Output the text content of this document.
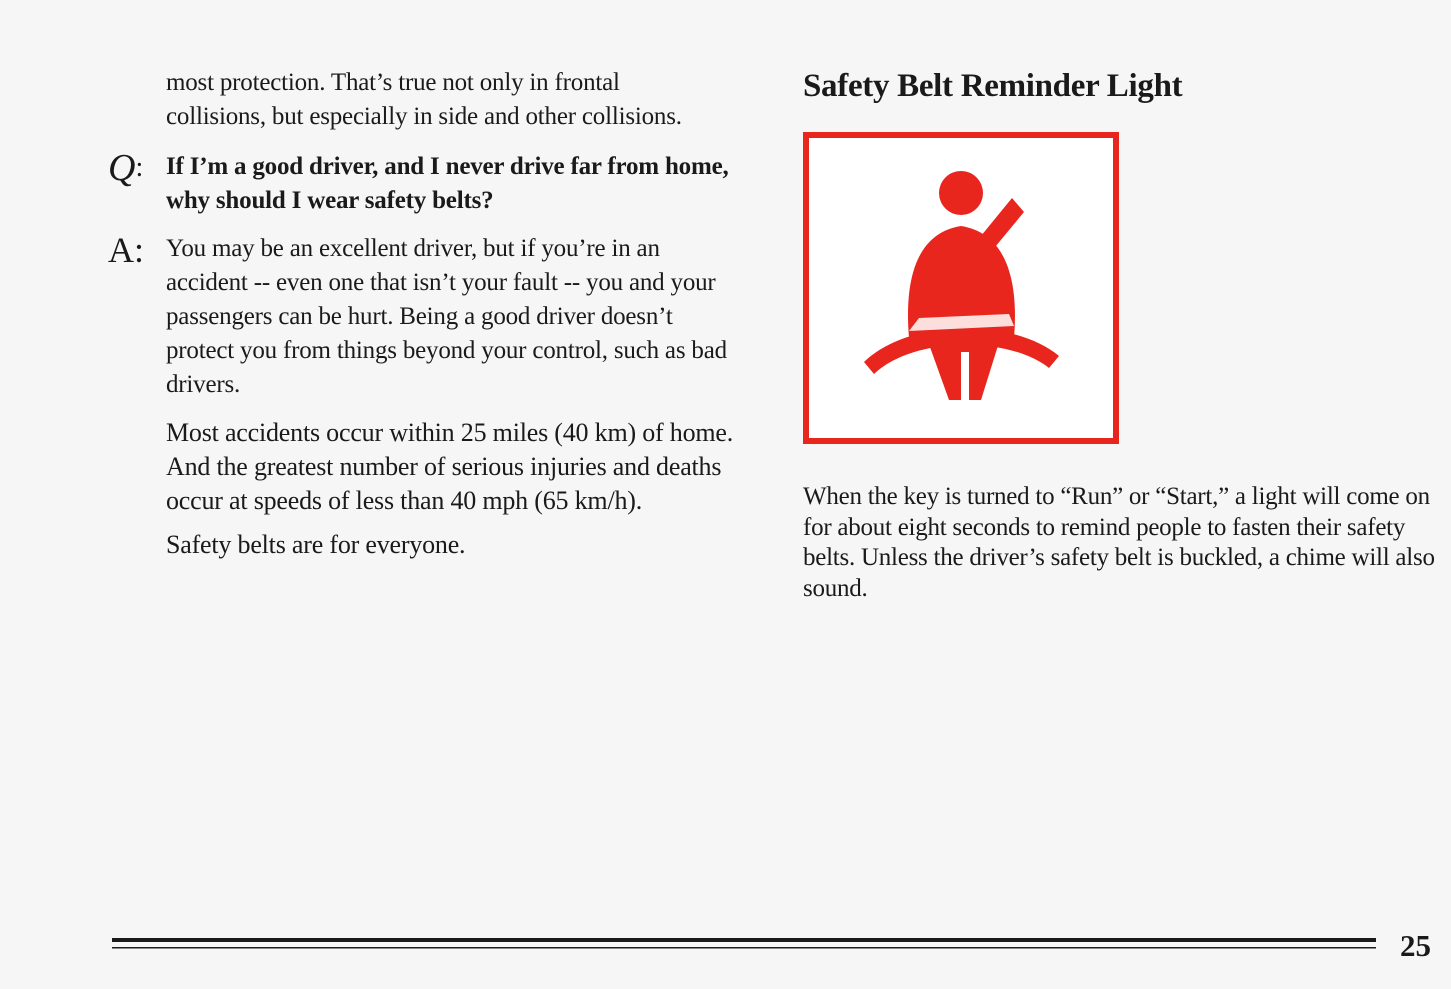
most protection. That’s true not only in frontal collisions, but especially in side and other collisions.

Q: If I’m a good driver, and I never drive far from home, why should I wear safety belts?

A: You may be an excellent driver, but if you’re in an accident -- even one that isn’t your fault -- you and your passengers can be hurt. Being a good driver doesn’t protect you from things beyond your control, such as bad drivers.

Most accidents occur within 25 miles (40 km) of home. And the greatest number of serious injuries and deaths occur at speeds of less than 40 mph (65 km/h).

Safety belts are for everyone.

Safety Belt Reminder Light

When the key is turned to “Run” or “Start,” a light will come on for about eight seconds to remind people to fasten their safety belts. Unless the driver’s safety belt is buckled, a chime will also sound.

25
